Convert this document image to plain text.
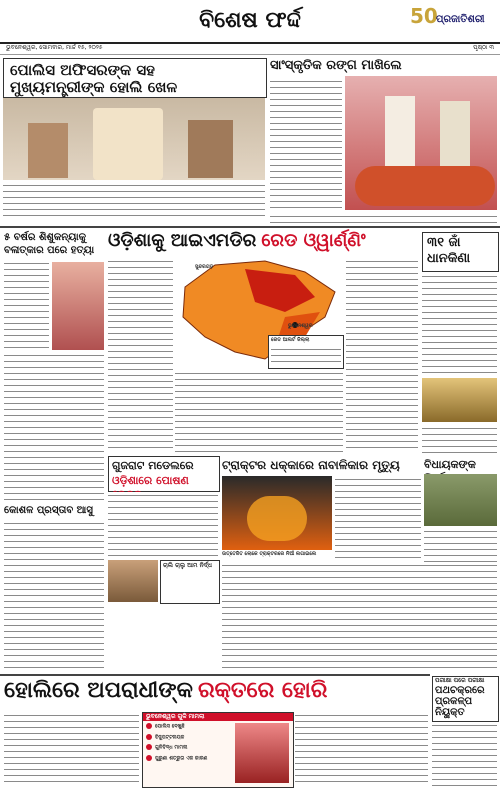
ବିଶେଷ ଫର୍ଦ୍ଦ	50
ପ୍ରଜାତିଶରୀ
ଭୁବନେଶ୍ୱର, ସୋମବାର, ମାର୍ଚ୍ଚ ୧୫, ୨୦୨୫	ପୃଷ୍ଠା ୩
ପୋଲିସ ଅଫିସରଙ୍କ ସହ
ମୁଖ୍ୟମନ୍ତ୍ରୀଙ୍କ ହୋଲି ଖେଳ
ସାଂସ୍କୃତିକ ରଙ୍ଗ ମାଖିଲେ
୫ ବର୍ଷର ଶିଶୁକନ୍ୟାକୁ
ବଳାତ୍କାର ପରେ ହତ୍ୟା ଓଡ଼ିଶାକୁ ଆଇଏମଡିର ରେଡ ଓ୍ୱାର୍ଣ୍ଣିଂ
ଭୁବନେଶ୍ୱର
ସୁନ୍ଦରଗଡ଼
ରେଡ ଆଲର୍ଟ ଜିଲ୍ଲା
୩୧ ଜାଁ
ଧାନକିଣା
ଗୁଜରାଟ ମଡେଲରେ
ଓଡ଼ିଶାରେ ପୋଷଣ
ଟ୍ରାକ୍ଟର ଧକ୍କାରେ ନାବାଳିକାର ମୃତ୍ୟୁ
ଉତ୍ତେଜିତ ଲୋକେ ଟ୍ରାକ୍ଟରରେ ନିଆଁ ଲଗାଇଲେ
ବିଧାୟକଙ୍କ
କୋଶଳ ପ୍ରସ୍ତାବ ଆସୁ
ଚାଲି ଚାଲୁ ଆମ ନିର୍ଦ୍ଧ
ହୋଲିରେ ଅପରାଧୀଙ୍କ ରକ୍ତରେ ହୋରି
ଭୁବନେଶ୍ୱର ଗୁଳି ମାମଲା
ପୋଲିସ ଦେଖୁଛି
ବିଜୁପଟ୍ଟନାୟକ
ଗୁଳିବିଦ୍ଧ ମାମଲା
ପୁରୁଣା ଶତ୍ରୁତା ଏକ କାରଣ
ପରୀକ୍ଷା ପରେ ପରୀକ୍ଷା
ପଥଚକ୍ରରେ
ପ୍ରକଳ୍ପ ନିୟୁକ୍ତ
